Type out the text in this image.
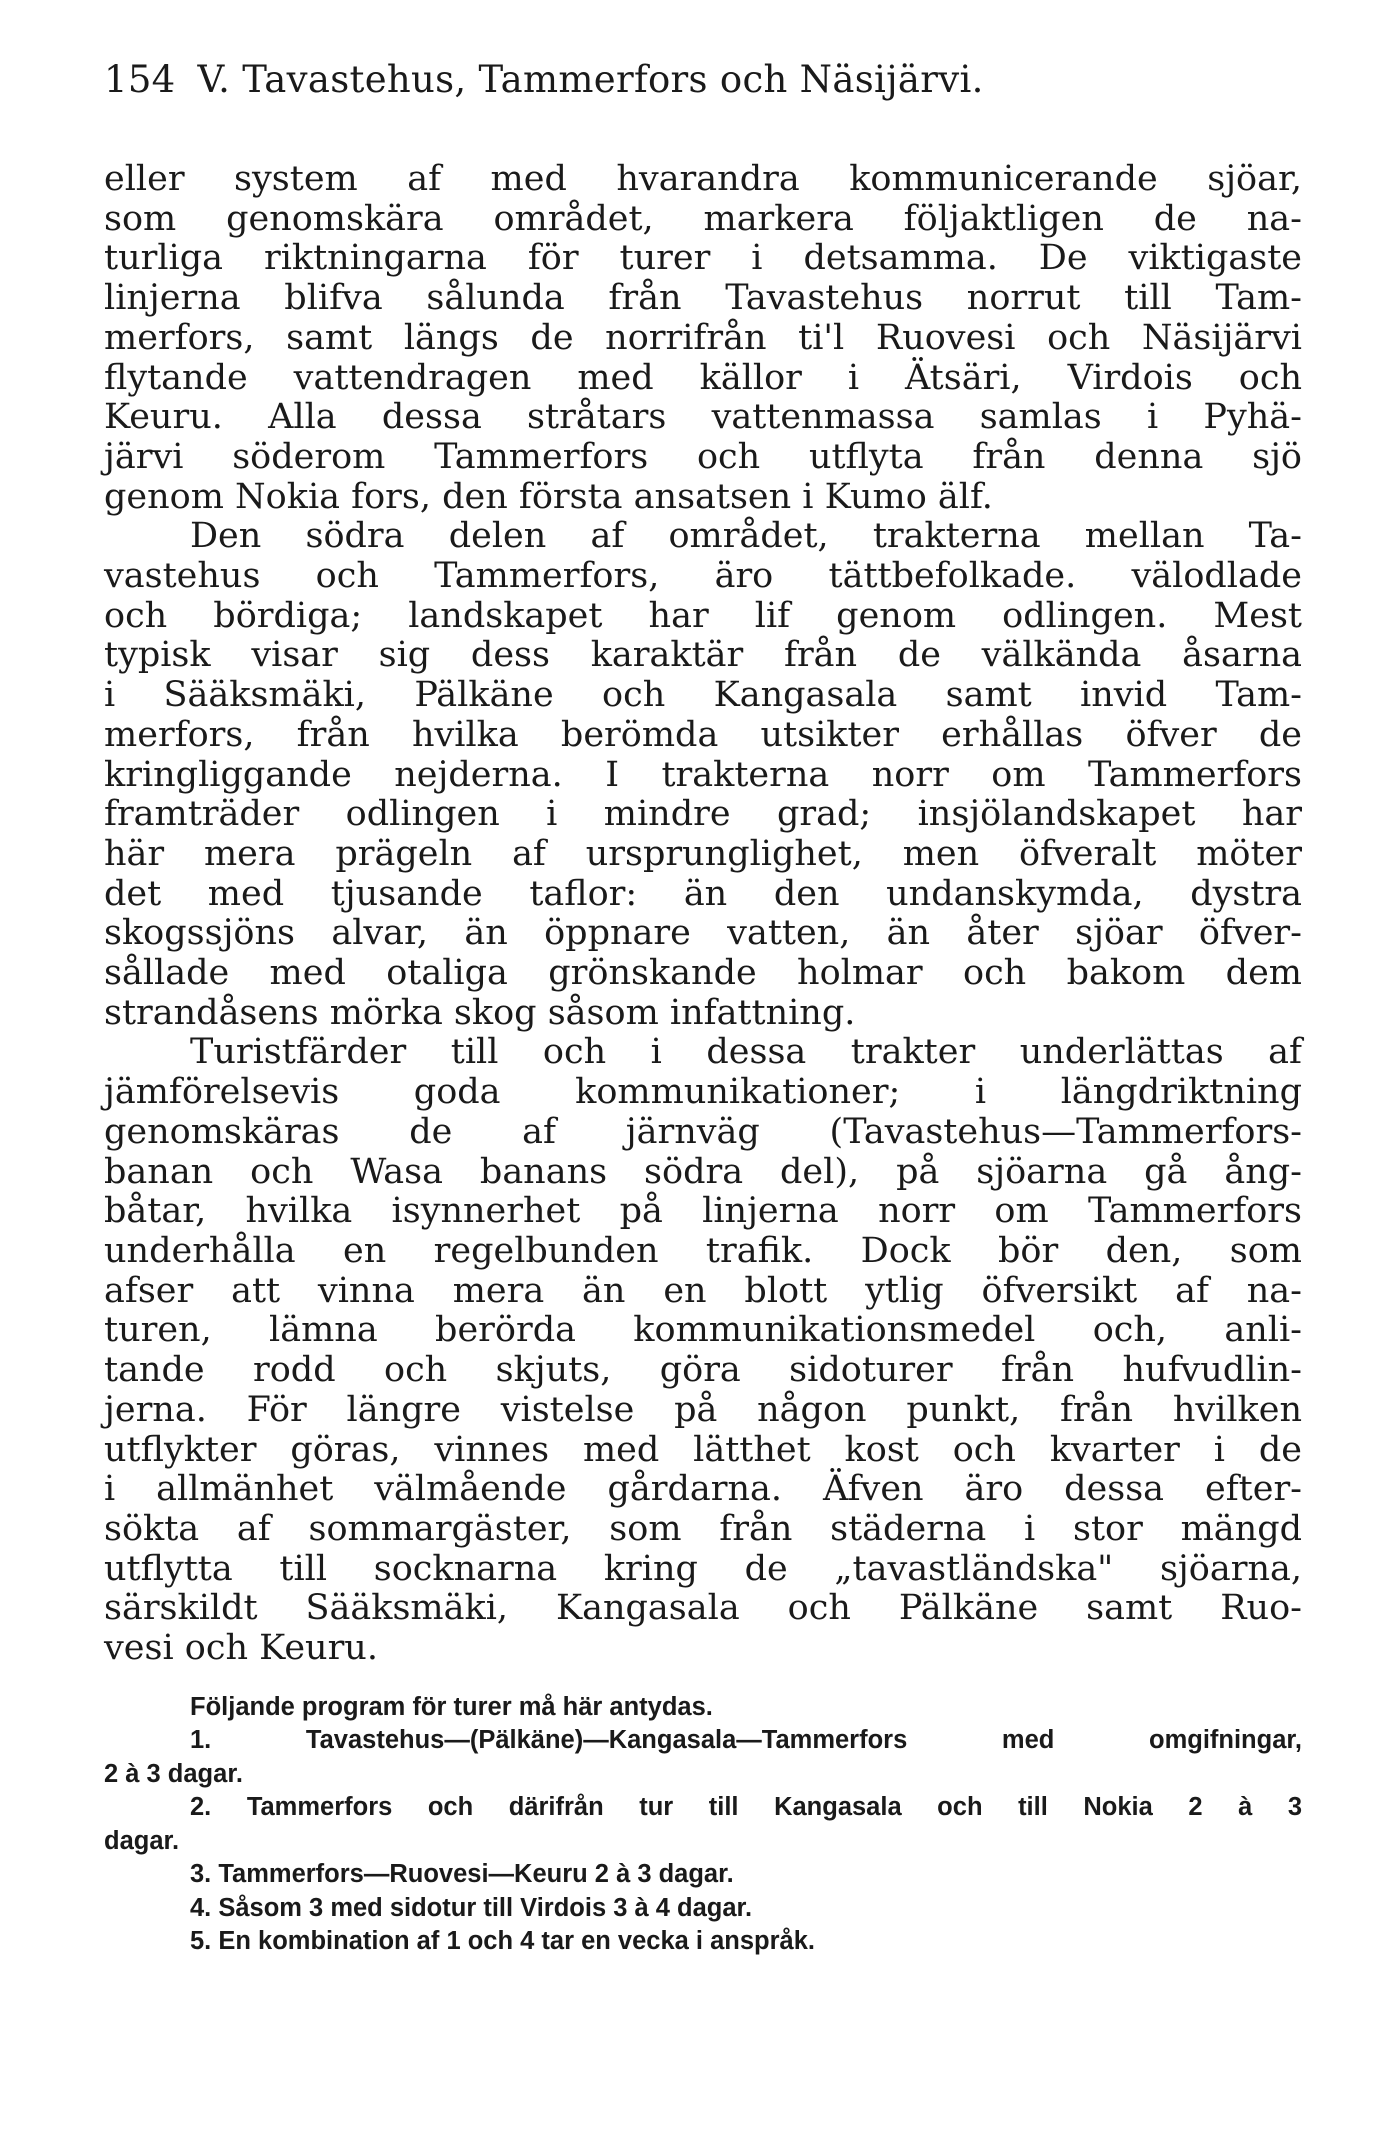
154 V. Tavastehus, Tammerfors och Näsijärvi.
eller system af med hvarandra kommunicerande sjöar,
som genomskära området, markera följaktligen de na-
turliga riktningarna för turer i detsamma. De viktigaste
linjerna blifva sålunda från Tavastehus norrut till Tam-
merfors, samt längs de norrifrån ti'l Ruovesi och Näsijärvi
flytande vattendragen med källor i Ätsäri, Virdois och
Keuru. Alla dessa stråtars vattenmassa samlas i Pyhä-
järvi söderom Tammerfors och utflyta från denna sjö
genom Nokia fors, den första ansatsen i Kumo älf.
Den södra delen af området, trakterna mellan Ta-
vastehus och Tammerfors, äro tättbefolkade. välodlade
och bördiga; landskapet har lif genom odlingen. Mest
typisk visar sig dess karaktär från de välkända åsarna
i Sääksmäki, Pälkäne och Kangasala samt invid Tam-
merfors, från hvilka berömda utsikter erhållas öfver de
kringliggande nejderna. I trakterna norr om Tammerfors
framträder odlingen i mindre grad; insjölandskapet har
här mera prägeln af ursprunglighet, men öfveralt möter
det med tjusande taflor: än den undanskymda, dystra
skogssjöns alvar, än öppnare vatten, än åter sjöar öfver-
sållade med otaliga grönskande holmar och bakom dem
strandåsens mörka skog såsom infattning.
Turistfärder till och i dessa trakter underlättas af
jämförelsevis goda kommunikationer; i längdriktning
genomskäras de af järnväg (Tavastehus—Tammerfors-
banan och Wasa banans södra del), på sjöarna gå ång-
båtar, hvilka isynnerhet på linjerna norr om Tammerfors
underhålla en regelbunden trafik. Dock bör den, som
afser att vinna mera än en blott ytlig öfversikt af na-
turen, lämna berörda kommunikationsmedel och, anli-
tande rodd och skjuts, göra sidoturer från hufvudlin-
jerna. För längre vistelse på någon punkt, från hvilken
utflykter göras, vinnes med lätthet kost och kvarter i de
i allmänhet välmående gårdarna. Äfven äro dessa efter-
sökta af sommargäster, som från städerna i stor mängd
utflytta till socknarna kring de „tavastländska" sjöarna,
särskildt Sääksmäki, Kangasala och Pälkäne samt Ruo-
vesi och Keuru.
Följande program för turer må här antydas.
1. Tavastehus—(Pälkäne)—Kangasala—Tammerfors med omgifningar,
2 à 3 dagar.
2. Tammerfors och därifrån tur till Kangasala och till Nokia 2 à 3
dagar.
3. Tammerfors—Ruovesi—Keuru 2 à 3 dagar.
4. Såsom 3 med sidotur till Virdois 3 à 4 dagar.
5. En kombination af 1 och 4 tar en vecka i anspråk.
